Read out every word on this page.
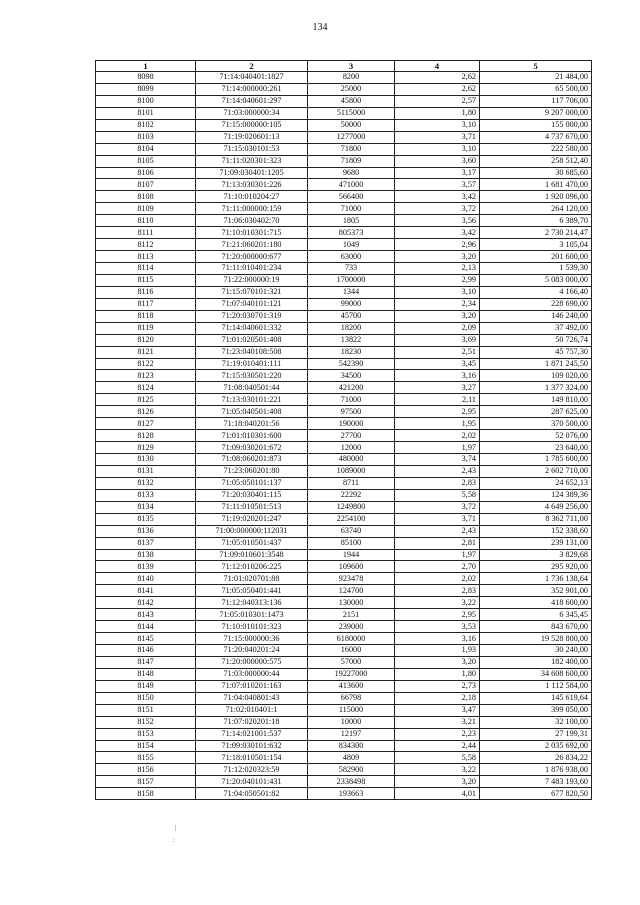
134
1	2	3	4	5
8098	71:14:040401:1827	8200	2,62	21 484,00
8099	71:14:000000:261	25000	2,62	65 500,00
8100	71:14:040601:297	45800	2,57	117 706,00
8101	71:03:000000:34	5115000	1,80	9 207 000,00
8102	71:15:000000:105	50000	3,10	155 000,00
8103	71:19:020601:13	1277000	3,71	4 737 670,00
8104	71:15:030101:53	71800	3,10	222 580,00
8105	71:11:020301:323	71809	3,60	258 512,40
8106	71:09:030401:1205	9680	3,17	30 685,60
8107	71:13:030301:226	471000	3,57	1 681 470,00
8108	71:10:010204:27	566400	3,42	1 920 096,00
8109	71:11:000000:159	71000	3,72	264 120,00
8110	71:06:030402:70	1805	3,56	6 389,70
8111	71:10:010301:715	805373	3,42	2 730 214,47
8112	71:21:060201:180	1049	2,96	3 105,04
8113	71:20:000000:677	63000	3,20	201 600,00
8114	71:11:010401:234	733	2,13	1 539,30
8115	71:22:000000:19	1700000	2,99	5 083 000,00
8116	71:15:070101:321	1344	3,10	4 166,40
8117	71:07:040101:121	99000	2,34	228 690,00
8118	71:20:030701:319	45700	3,20	146 240,00
8119	71:14:040601:332	18200	2,09	37 492,00
8120	71:01:020501:408	13822	3,69	50 726,74
8121	71:23:040108:508	18230	2,51	45 757,30
8122	71:19:010401:111	542390	3,45	1 871 245,50
8123	71:15:030501:220	34500	3,16	109 020,00
8124	71:08:040501:44	421200	3,27	1 377 324,00
8125	71:13:030101:221	71000	2,11	149 810,00
8126	71:05:040501:408	97500	2,95	287 625,00
8127	71:18:040201:56	190000	1,95	370 500,00
8128	71:01:010301:600	27700	2,02	52 076,00
8129	71:09:030201:672	12000	1,97	23 640,00
8130	71:08:060201:873	480000	3,74	1 785 600,00
8131	71:23:060201:80	1089000	2,43	2 602 710,00
8132	71:05:050101:137	8711	2,83	24 652,13
8133	71:20:030401:115	22292	5,58	124 389,36
8134	71:11:010501:513	1249800	3,72	4 649 256,00
8135	71:19:020201:247	2254100	3,71	8 362 711,00
8136	71:00:000000:112031	63740	2,43	152 338,60
8137	71:05:010501:437	85100	2,81	239 131,00
8138	71:09:010601:3548	1944	1,97	3 829,68
8139	71:12:010206:225	109600	2,70	295 920,00
8140	71:01:020701:88	923478	2,02	1 736 138,64
8141	71:05:050401:441	124700	2,83	352 901,00
8142	71:12:040313:136	130000	3,22	418 600,00
8143	71:05:010301:1473	2151	2,95	6 345,45
8144	71:10:010101:323	239000	3,53	843 670,00
8145	71:15:000000:36	6180000	3,16	19 528 800,00
8146	71:20:040201:24	16000	1,93	30 240,00
8147	71:20:000000:575	57000	3,20	182 400,00
8148	71:03:000000:44	19227000	1,80	34 608 600,00
8149	71:07:010201:163	413600	2,73	1 112 584,00
8150	71:04:040801:43	66798	2,18	145 619,64
8151	71:02:010401:1	115000	3,47	399 050,00
8152	71:07:020201:18	10000	3,21	32 100,00
8153	71:14:021001:537	12197	2,23	27 199,31
8154	71:09:030101:632	834300	2,44	2 035 692,00
8155	71:18:010501:154	4809	5,58	26 834,22
8156	71:12:020323:59	582900	3,22	1 876 938,00
8157	71:20:040101:431	2338498	3,20	7 483 193,60
8158	71:04:050501:82	193663	4,01	677 820,50
|
:
